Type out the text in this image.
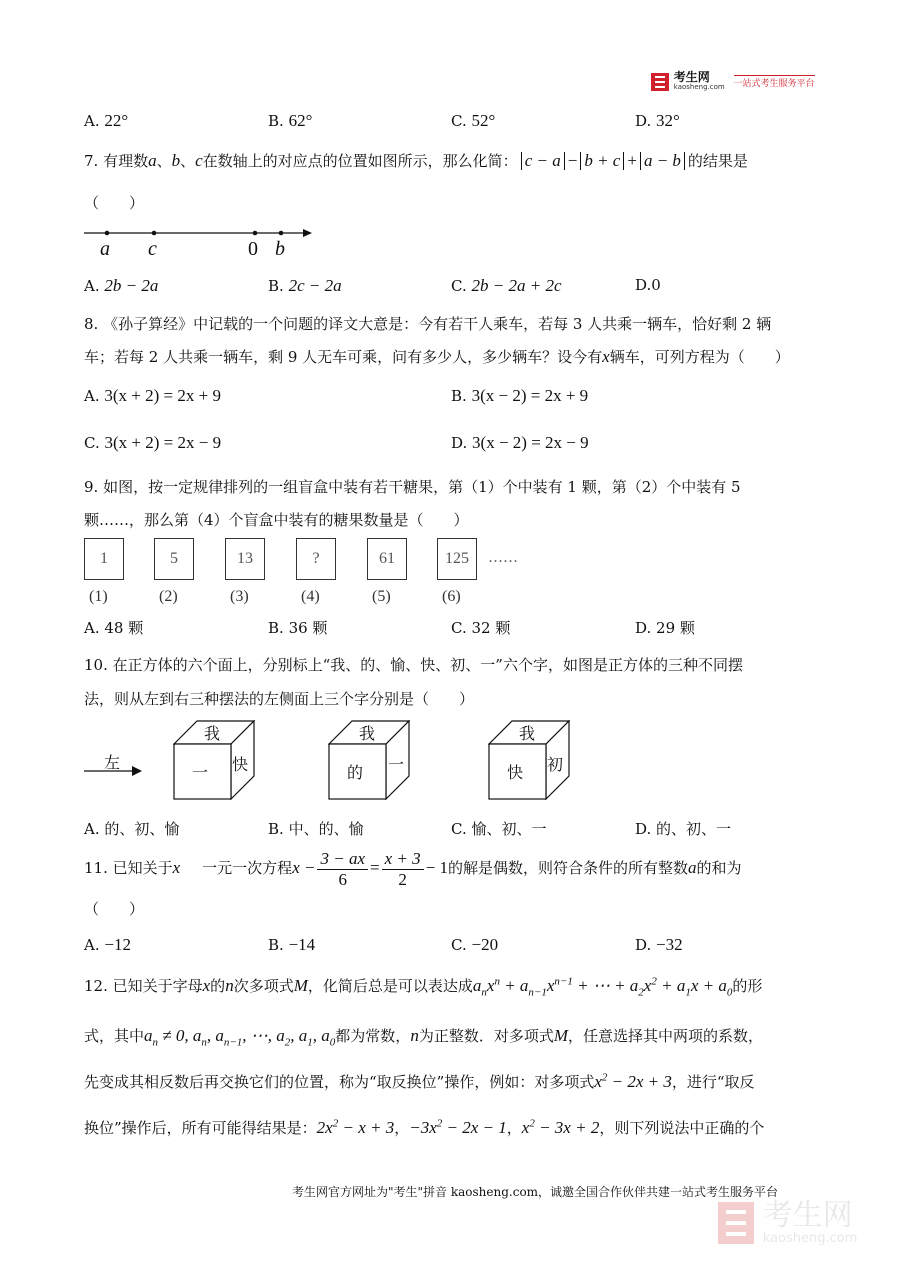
考生网
kaosheng.com 一站式考生服务平台
A. 22°	B. 62°	C. 52°	D. 32°
7. 有理数a、b、c在数轴上的对应点的位置如图所示，那么化简： c − a − b + c + a − b 的结果是
（　　）
a c	0 b
A. 2b − 2a	B. 2c − 2a	C. 2b − 2a + 2c	D.0
8. 《孙子算经》中记载的一个问题的译文大意是：今有若干人乘车，若每 3 人共乘一辆车，恰好剩 2 辆
车；若每 2 人共乘一辆车，剩 9 人无车可乘，问有多少人，多少辆车？设今有x辆车，可列方程为（　　）
A. 3(x + 2) = 2x + 9	B. 3(x − 2) = 2x + 9
C. 3(x + 2) = 2x − 9	D. 3(x − 2) = 2x − 9
9. 如图，按一定规律排列的一组盲盒中装有若干糖果，第（1）个中装有 1 颗，第（2）个中装有 5
颗……，那么第（4）个盲盒中装有的糖果数量是（　　）
1	5	13	?	61	125	……
(1)	(2)	(3)	(4)	(5)	(6)
A. 48 颗	B. 36 颗	C. 32 颗	D. 29 颗
10. 在正方体的六个面上，分别标上“我、的、愉、快、初、一”六个字，如图是正方体的三种不同摆
法，则从左到右三种摆法的左侧面上三个字分别是（　　）
左
我
一 快
我
的 一
我
快 初
A. 的、初、愉	B. 中、的、愉	C. 愉、初、一	D. 的、初、一
11. 已知关于x 一元一次方程$x - \frac{3 - ax}{6} = \frac{x + 3}{2} - 1$的解是偶数，则符合条件的所有整数a的和为
（　　）
A. −12	B. −14	C. −20	D. −32
12. 已知关于字母x的n次多项式M，化简后总是可以表达成$a_nx^n + a_{n-1}x^{n-1}$ + ⋯ + $a_2x^2 + a_1x + a_0$的形
式，其中$a_n \ne 0$, $a_n$, $a_{n-1}$, ⋯, $a_2$, $a_1$, $a_0$都为常数，n为正整数．对多项式M，任意选择其中两项的系数，
先变成其相反数后再交换它们的位置，称为“取反换位”操作，例如：对多项式$x^2 - 2x + 3$，进行“取反
换位”操作后，所有可能得结果是：$2x^2 - x + 3$，$-3x^2 - 2x - 1$，$x^2 - 3x + 2$，则下列说法中正确的个
考生网官方网址为"考生"拼音 kaosheng.com，诚邀全国合作伙伴共建一站式考生服务平台

考生网
kaosheng.com
